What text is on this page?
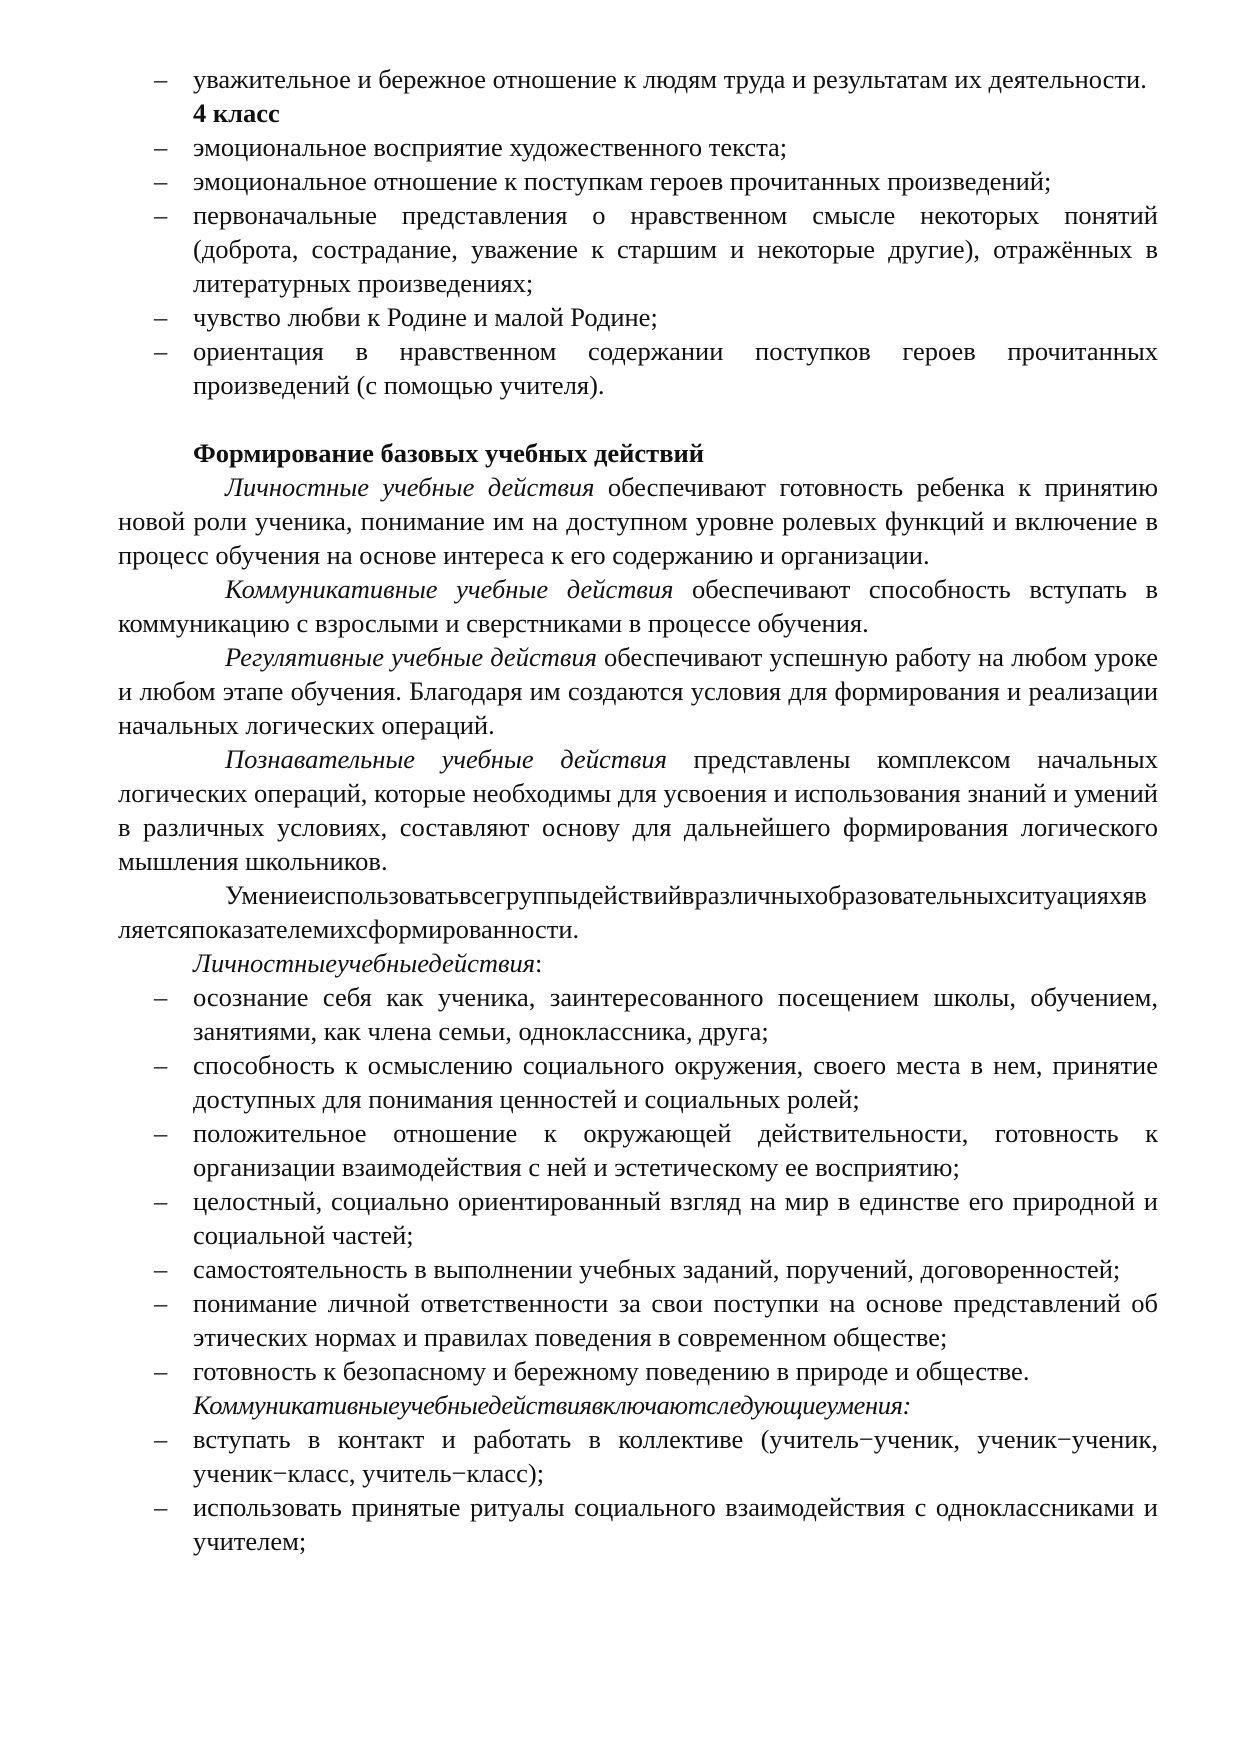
– уважительное и бережное отношение к людям труда и результатам их деятельности.
4 класс
– эмоциональное восприятие художественного текста;
– эмоциональное отношение к поступкам героев прочитанных произведений;
– первоначальные представления о нравственном смысле некоторых понятий (доброта, сострадание, уважение к старшим и некоторые другие), отражённых в литературных произведениях;
– чувство любви к Родине и малой Родине;
– ориентация в нравственном содержании поступков героев прочитанных произведений (с помощью учителя).
Формирование базовых учебных действий

Личностные учебные действия обеспечивают готовность ребенка к принятию новой роли ученика, понимание им на доступном уровне ролевых функций и включение в процесс обучения на основе интереса к его содержанию и организации.

Коммуникативные учебные действия обеспечивают способность вступать в коммуникацию с взрослыми и сверстниками в процессе обучения.

Регулятивные учебные действия обеспечивают успешную работу на любом уроке и любом этапе обучения. Благодаря им создаются условия для формирования и реализации начальных логических операций.

Познавательные учебные действия представлены комплексом начальных логических операций, которые необходимы для усвоения и использования знаний и умений в различных условиях, составляют основу для дальнейшего формирования логического мышления школьников.

Умениеиспользоватьвсегруппыдействийвразличныхобразовательныхситуацияхявляетсяпоказателемихсформированности.

Личностныеучебныедействия:
– осознание себя как ученика, заинтересованного посещением школы, обучением, занятиями, как члена семьи, одноклассника, друга;
– способность к осмыслению социального окружения, своего места в нем, принятие доступных для понимания ценностей и социальных ролей;
– положительное отношение к окружающей действительности, готовность к организации взаимодействия с ней и эстетическому ее восприятию;
– целостный, социально ориентированный взгляд на мир в единстве его природной и социальной частей;
– самостоятельность в выполнении учебных заданий, поручений, договоренностей;
– понимание личной ответственности за свои поступки на основе представлений об этических нормах и правилах поведения в современном обществе;
– готовность к безопасному и бережному поведению в природе и обществе.
Коммуникативныеучебныедействиявключаютследующиеумения:
– вступать в контакт и работать в коллективе (учитель−ученик, ученик−ученик, ученик−класс, учитель−класс);
– использовать принятые ритуалы социального взаимодействия с одноклассниками и учителем;
